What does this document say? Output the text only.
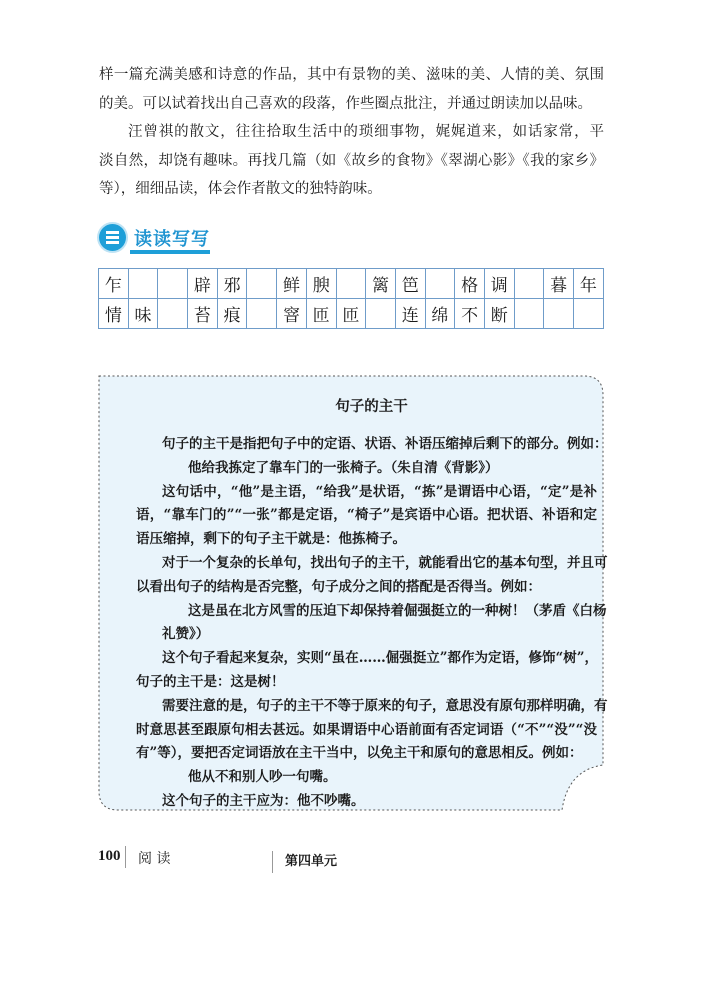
样一篇充满美感和诗意的作品，其中有景物的美、滋味的美、人情的美、氛围
的美。可以试着找出自己喜欢的段落，作些圈点批注，并通过朗读加以品味。
汪曾祺的散文，往往拾取生活中的琐细事物，娓娓道来，如话家常，平
淡自然，却饶有趣味。再找几篇（如《故乡的食物》《翠湖心影》《我的家乡》
等），细细品读，体会作者散文的独特韵味。
读读写写
乍			辟	邪		鲜	腴		篱	笆		格	调		暮	年
情	味		苔	痕		窨	匝	匝		连	绵	不	断			
句子的主干
句子的主干是指把句子中的定语、状语、补语压缩掉后剩下的部分。例如：
他给我拣定了靠车门的一张椅子。（朱自清《背影》）
这句话中，“他”是主语，“给我”是状语，“拣”是谓语中心语，“定”是补
语，“靠车门的”“一张”都是定语，“椅子”是宾语中心语。把状语、补语和定
语压缩掉，剩下的句子主干就是：他拣椅子。
对于一个复杂的长单句，找出句子的主干，就能看出它的基本句型，并且可
以看出句子的结构是否完整，句子成分之间的搭配是否得当。例如：
这是虽在北方风雪的压迫下却保持着倔强挺立的一种树！（茅盾《白杨
礼赞》）
这个句子看起来复杂，实则“虽在……倔强挺立”都作为定语，修饰“树”，
句子的主干是：这是树！
需要注意的是，句子的主干不等于原来的句子，意思没有原句那样明确，有
时意思甚至跟原句相去甚远。如果谓语中心语前面有否定词语（“不”“没”“没
有”等），要把否定词语放在主干当中，以免主干和原句的意思相反。例如：
他从不和别人吵一句嘴。
这个句子的主干应为：他不吵嘴。
100 阅 读	第四单元
